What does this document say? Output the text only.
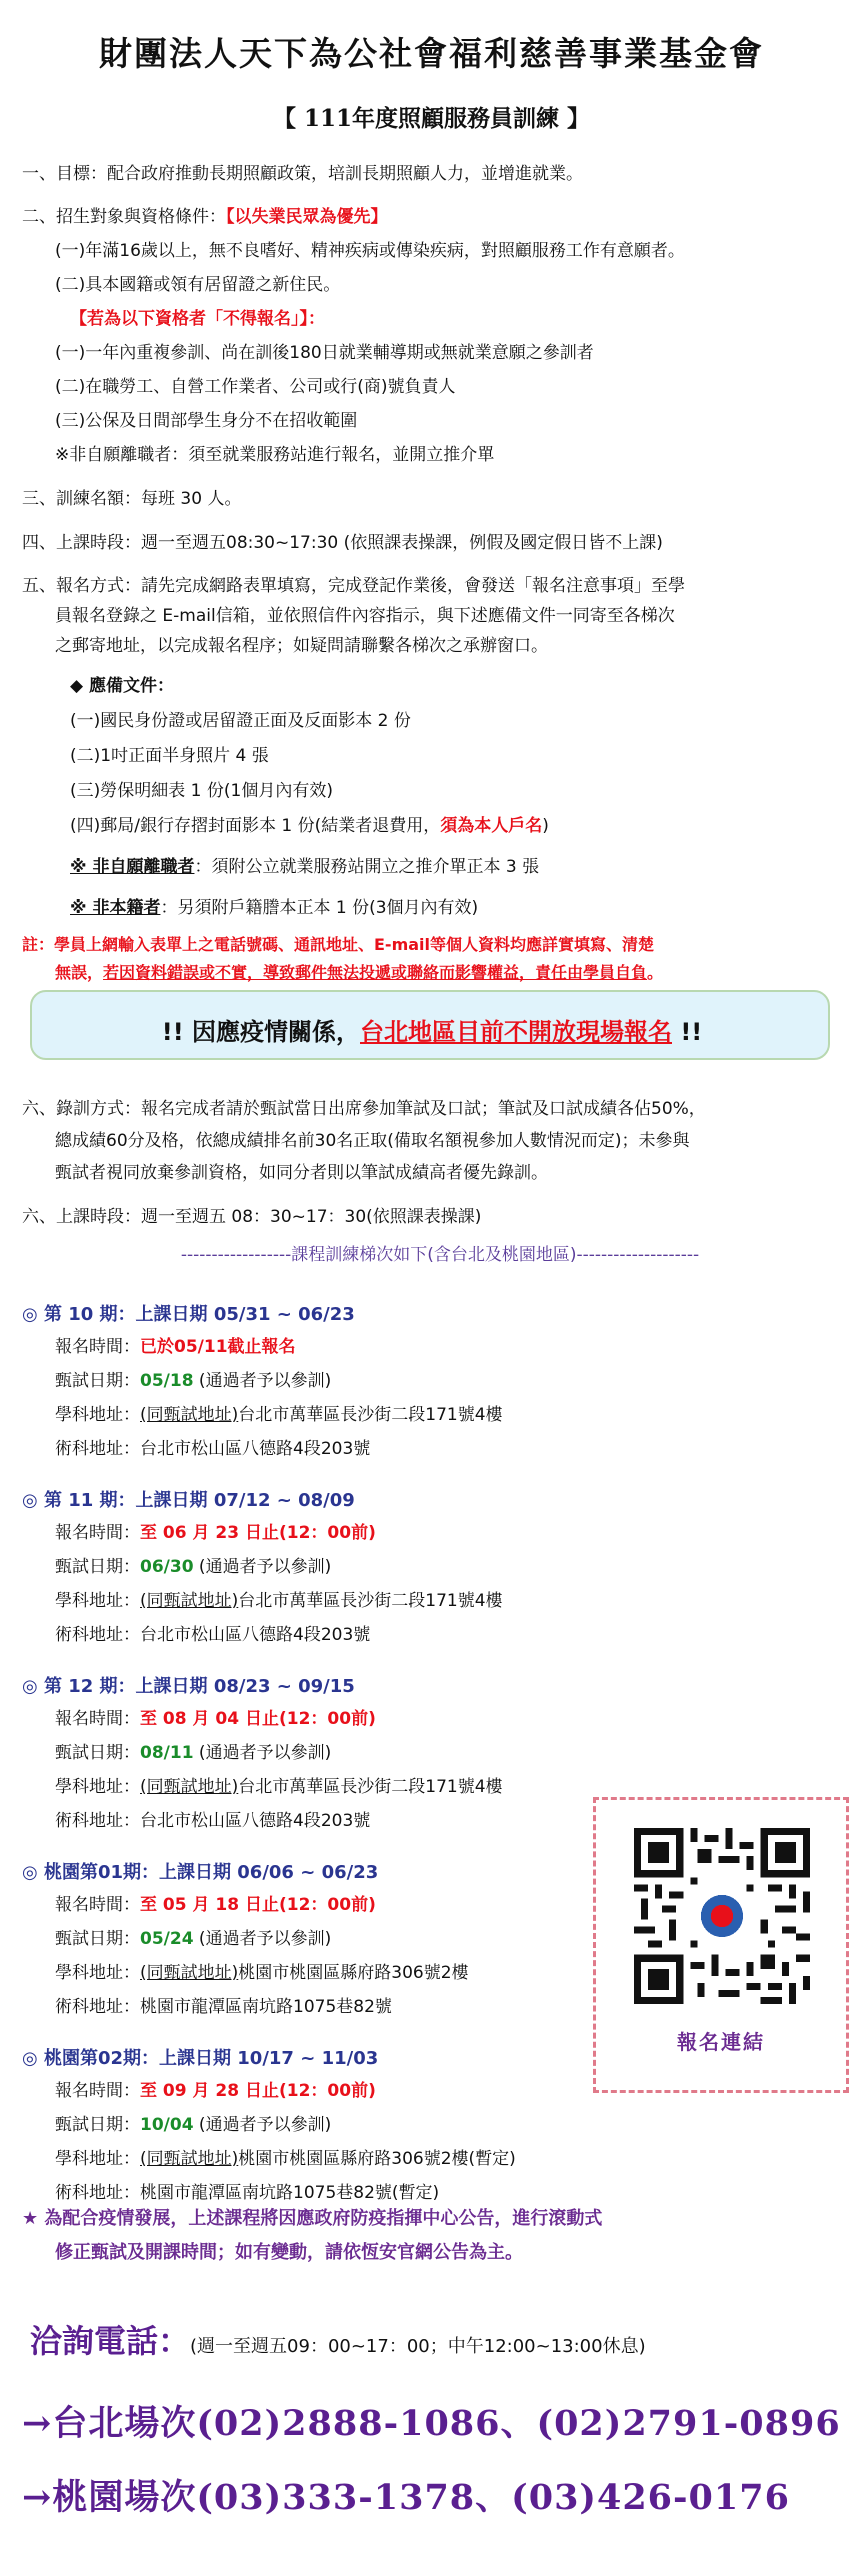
財團法人天下為公社會福利慈善事業基金會
【 111年度照顧服務員訓練 】
一、目標：配合政府推動長期照顧政策，培訓長期照顧人力，並增進就業。
二、招生對象與資格條件：【以失業民眾為優先】
(一)年滿16歲以上，無不良嗜好、精神疾病或傳染疾病，對照顧服務工作有意願者。
(二)具本國籍或領有居留證之新住民。
【若為以下資格者「不得報名」】：
(一)一年內重複參訓、尚在訓後180日就業輔導期或無就業意願之參訓者
(二)在職勞工、自營工作業者、公司或行(商)號負責人
(三)公保及日間部學生身分不在招收範圍
※非自願離職者：須至就業服務站進行報名，並開立推介單
三、訓練名額：每班 30 人。
四、上課時段：週一至週五08:30~17:30 (依照課表操課，例假及國定假日皆不上課)
五、報名方式：請先完成網路表單填寫，完成登記作業後，會發送「報名注意事項」至學
員報名登錄之 E-mail信箱，並依照信件內容指示，與下述應備文件一同寄至各梯次
之郵寄地址，以完成報名程序；如疑問請聯繫各梯次之承辦窗口。
◆ 應備文件：
(一)國民身份證或居留證正面及反面影本 2 份
(二)1吋正面半身照片 4 張
(三)勞保明細表 1 份(1個月內有效)
(四)郵局/銀行存摺封面影本 1 份(結業者退費用，須為本人戶名)
※ 非自願離職者：須附公立就業服務站開立之推介單正本 3 張
※ 非本籍者：另須附戶籍謄本正本 1 份(3個月內有效)
註：學員上網輸入表單上之電話號碼、通訊地址、E-mail等個人資料均應詳實填寫、清楚
無誤，若因資料錯誤或不實，導致郵件無法投遞或聯絡而影響權益，責任由學員自負。
!! 因應疫情關係，台北地區目前不開放現場報名 !!
六、錄訓方式：報名完成者請於甄試當日出席參加筆試及口試；筆試及口試成績各佔50%，
總成績60分及格，依總成績排名前30名正取(備取名額視參加人數情況而定)；未參與
甄試者視同放棄參訓資格，如同分者則以筆試成績高者優先錄訓。
六、上課時段：週一至週五 08：30~17：30(依照課表操課)
------------------課程訓練梯次如下(含台北及桃園地區)--------------------
◎ 第 10 期：上課日期 05/31 ~ 06/23
報名時間：已於05/11截止報名
甄試日期：05/18 (通過者予以參訓)
學科地址：(同甄試地址)台北市萬華區長沙街二段171號4樓
術科地址：台北市松山區八德路4段203號
◎ 第 11 期：上課日期 07/12 ~ 08/09
報名時間：至 06 月 23 日止(12：00前)
甄試日期：06/30 (通過者予以參訓)
學科地址：(同甄試地址)台北市萬華區長沙街二段171號4樓
術科地址：台北市松山區八德路4段203號
◎ 第 12 期：上課日期 08/23 ~ 09/15
報名時間：至 08 月 04 日止(12：00前)
甄試日期：08/11 (通過者予以參訓)
學科地址：(同甄試地址)台北市萬華區長沙街二段171號4樓
術科地址：台北市松山區八德路4段203號
◎ 桃園第01期：上課日期 06/06 ~ 06/23
報名時間：至 05 月 18 日止(12：00前)
甄試日期：05/24 (通過者予以參訓)
學科地址：(同甄試地址)桃園市桃園區縣府路306號2樓
術科地址：桃園市龍潭區南坑路1075巷82號
◎ 桃園第02期：上課日期 10/17 ~ 11/03
報名時間：至 09 月 28 日止(12：00前)
甄試日期：10/04 (通過者予以參訓)
學科地址：(同甄試地址)桃園市桃園區縣府路306號2樓(暫定)
術科地址：桃園市龍潭區南坑路1075巷82號(暫定)
報名連結
★ 為配合疫情發展，上述課程將因應政府防疫指揮中心公告，進行滾動式
修正甄試及開課時間；如有變動，請依恆安官網公告為主。
洽詢電話：(週一至週五09：00~17：00；中午12:00~13:00休息)
→台北場次(02)2888-1086、(02)2791-0896
→桃園場次(03)333-1378、(03)426-0176
